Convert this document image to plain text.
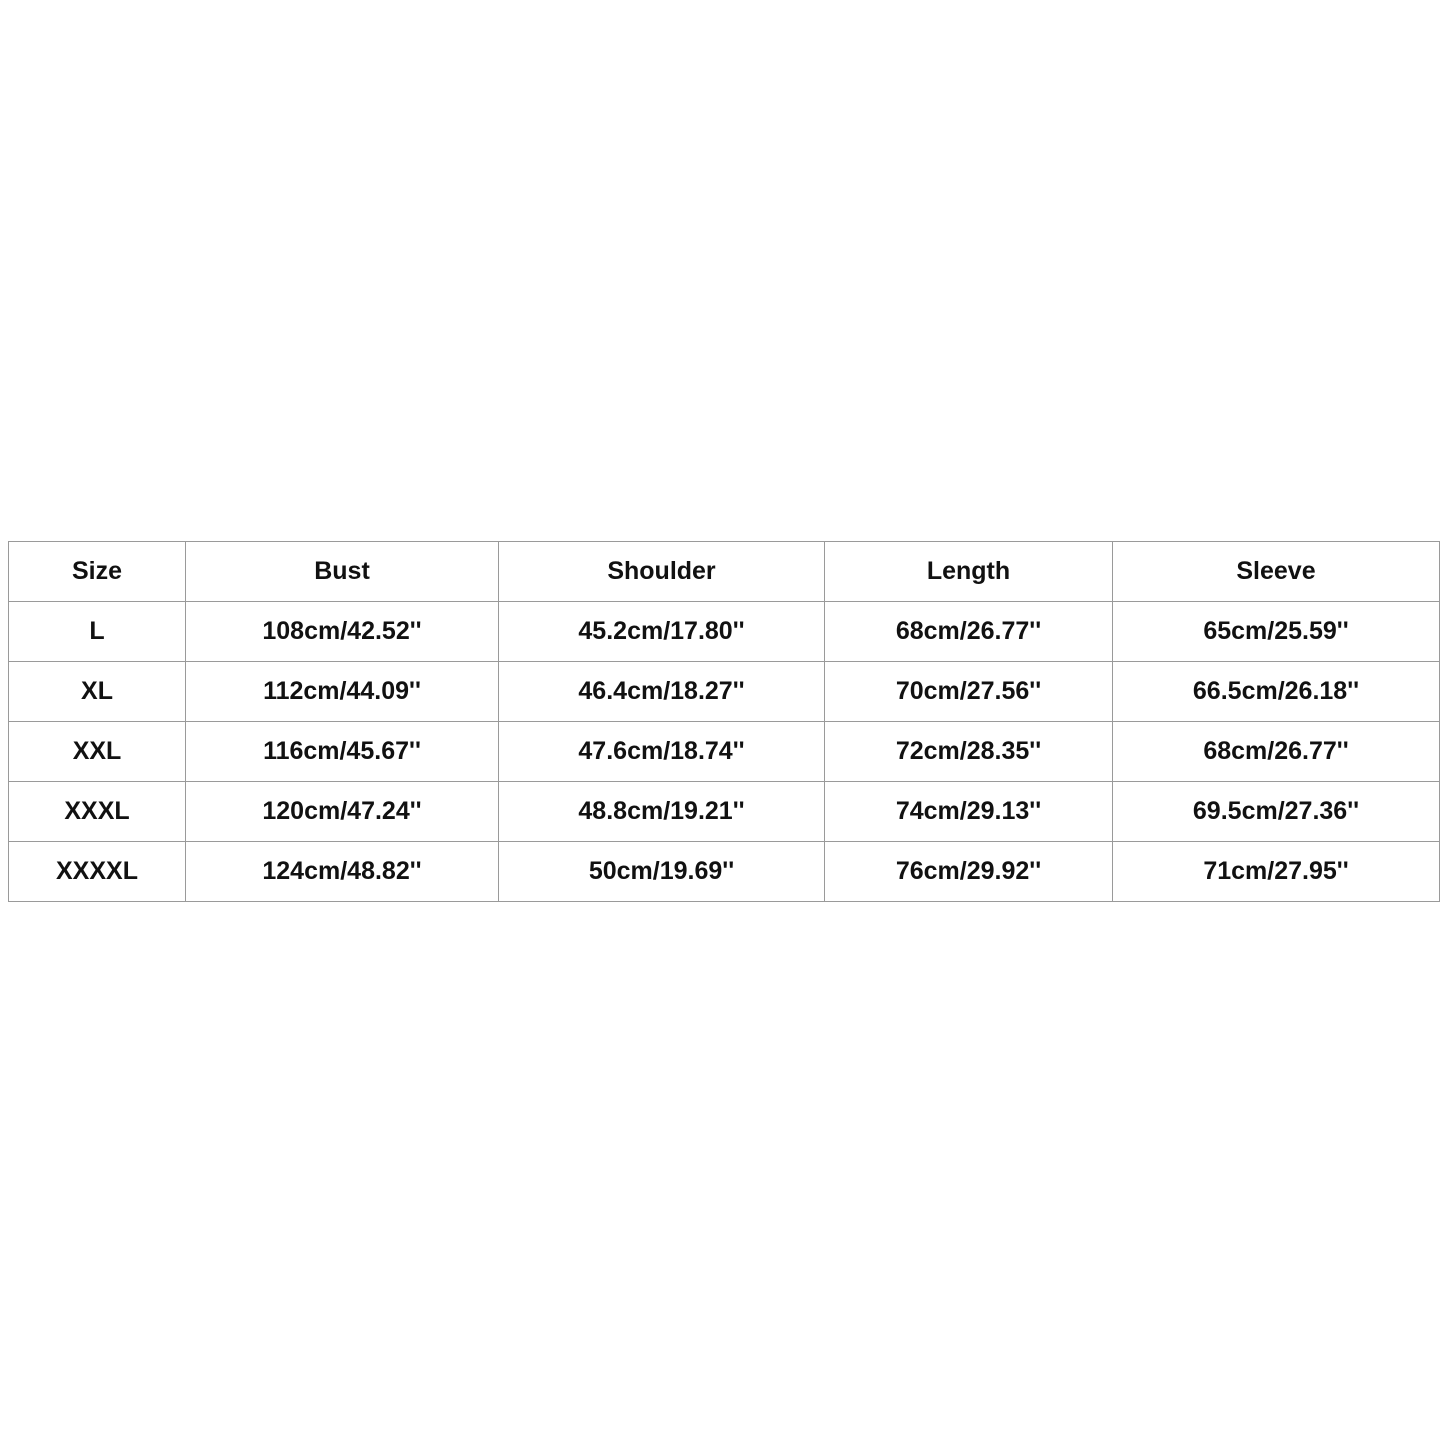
Size	Bust	Shoulder	Length	Sleeve
L	108cm/42.52''	45.2cm/17.80''	68cm/26.77''	65cm/25.59''
XL	112cm/44.09''	46.4cm/18.27''	70cm/27.56''	66.5cm/26.18''
XXL	116cm/45.67''	47.6cm/18.74''	72cm/28.35''	68cm/26.77''
XXXL	120cm/47.24''	48.8cm/19.21''	74cm/29.13''	69.5cm/27.36''
XXXXL	124cm/48.82''	50cm/19.69''	76cm/29.92''	71cm/27.95''
